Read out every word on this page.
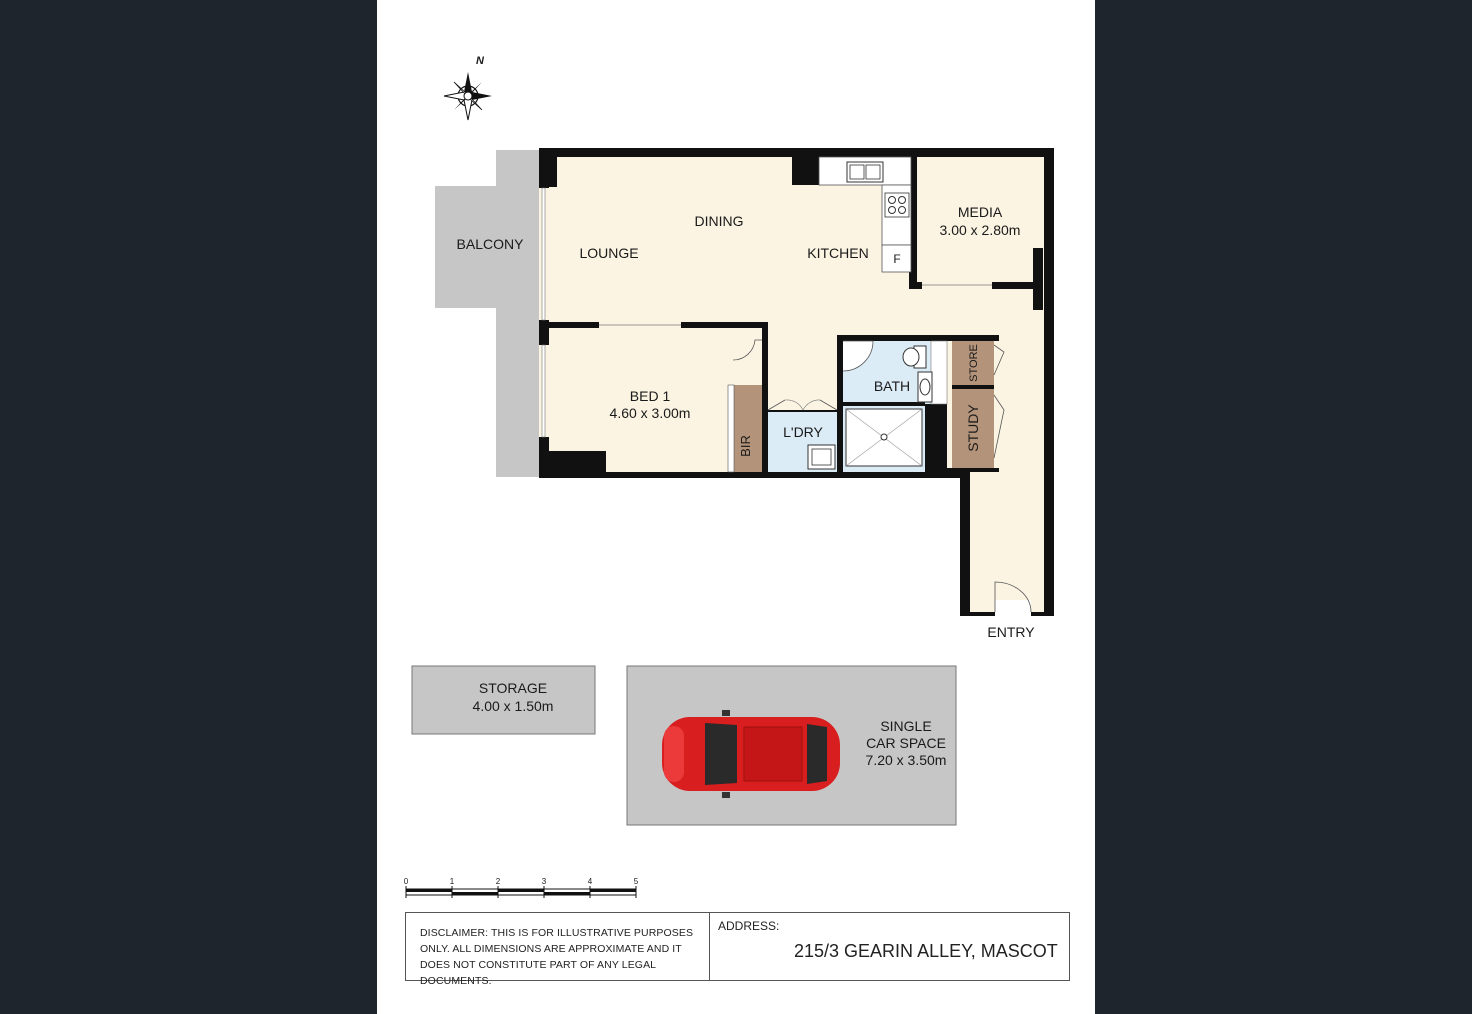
N
BALCONY
LOUNGE
DINING
KITCHEN F
MEDIA
3.00 x 2.80m
BED 1
4.60 x 3.00m
BIR
L'DRY
BATH
STORE
STUDY
ENTRY
STORAGE
4.00 x 1.50m
SINGLE
CAR SPACE
7.20 x 3.50m
0	1	2	3	4	5
DISCLAIMER: THIS IS FOR ILLUSTRATIVE PURPOSES ONLY. ALL DIMENSIONS ARE APPROXIMATE AND IT DOES NOT CONSTITUTE PART OF ANY LEGAL DOCUMENTS.
ADDRESS:
215/3 GEARIN ALLEY, MASCOT
